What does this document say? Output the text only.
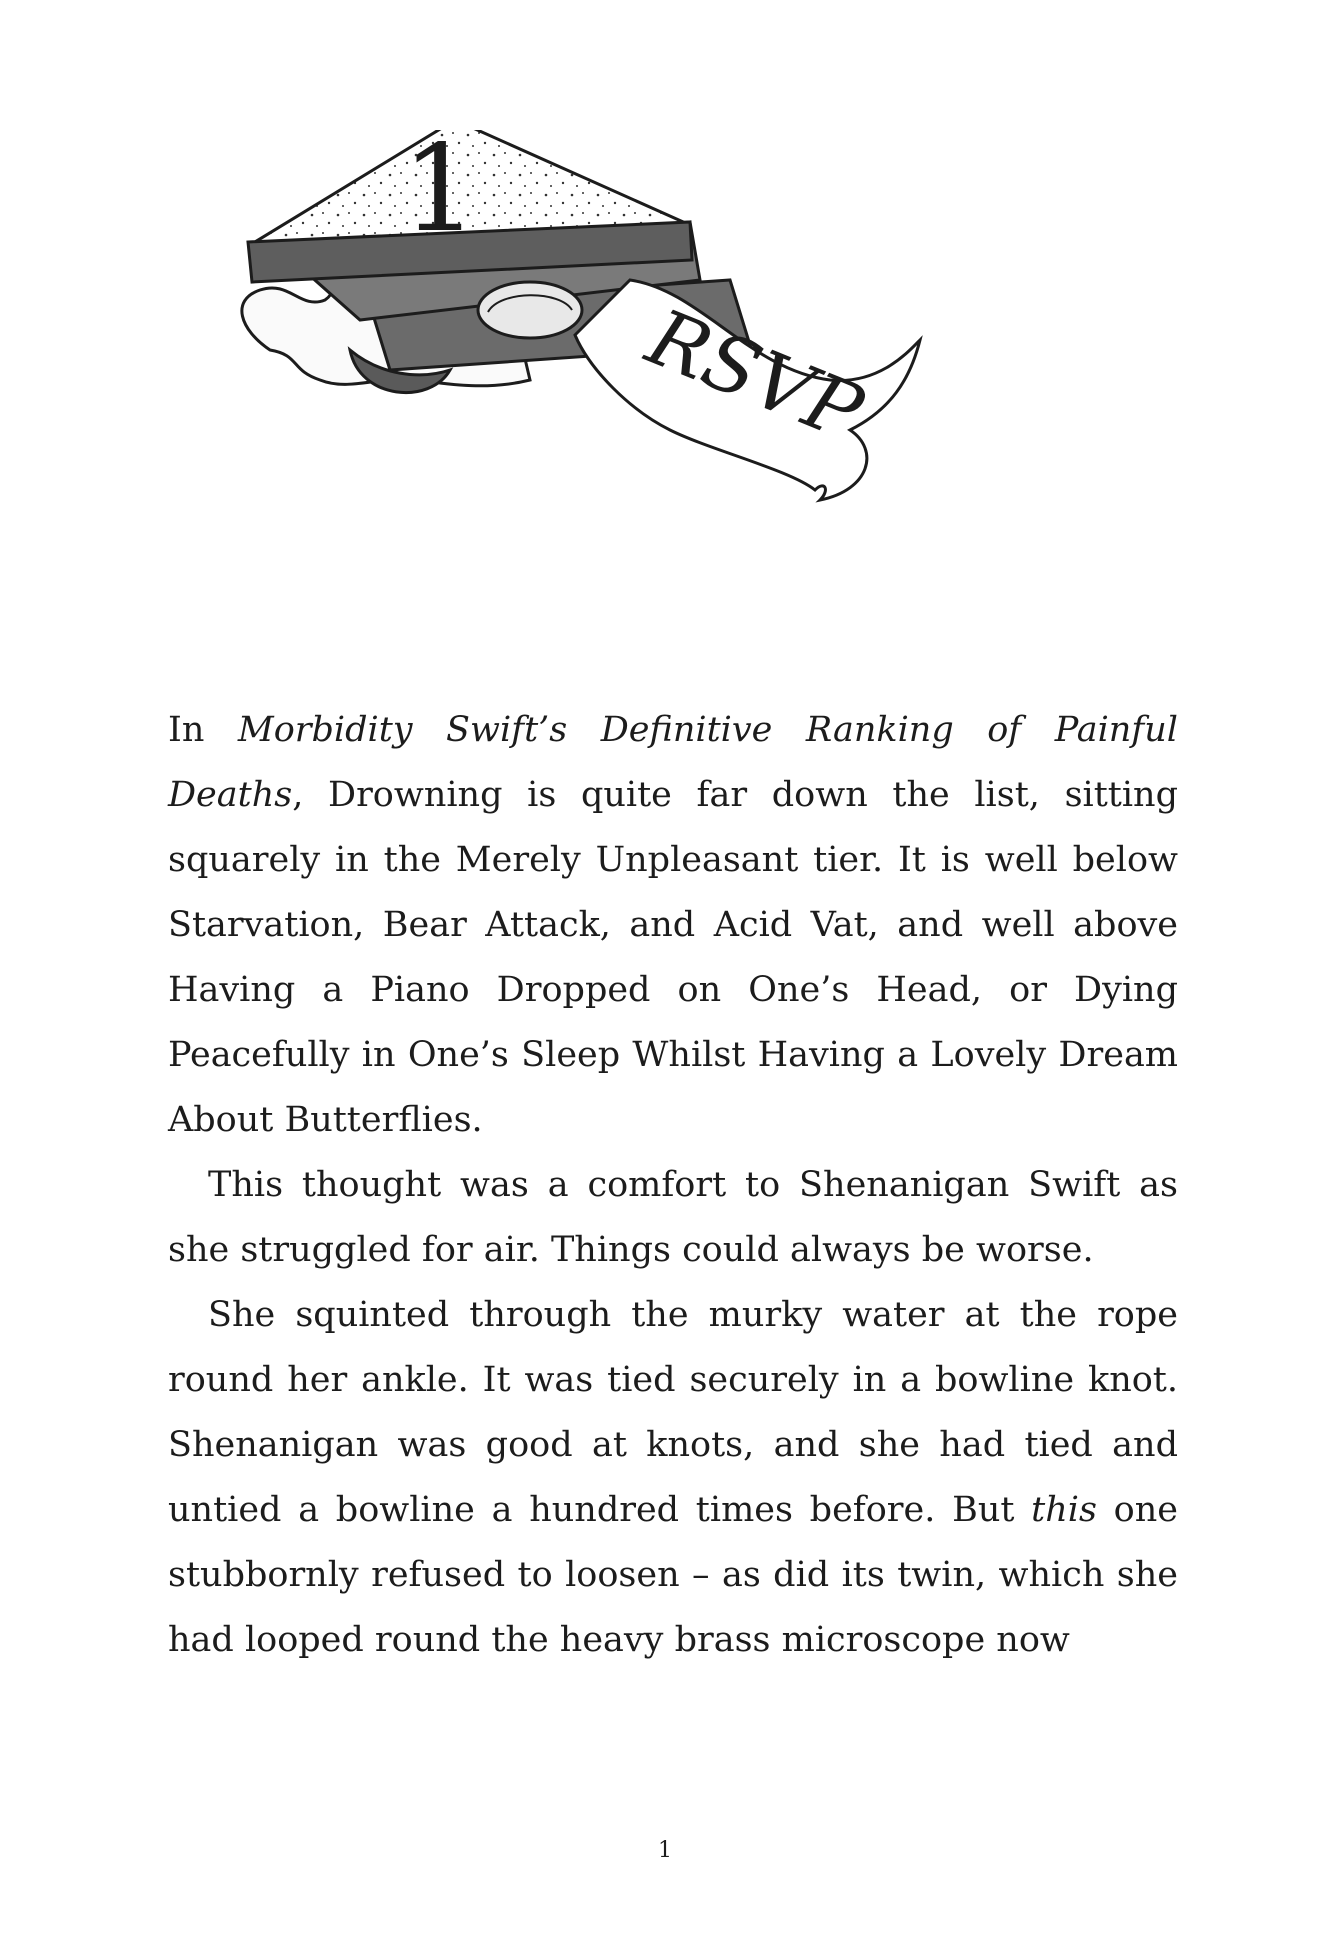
1
RSVP

In Morbidity Swift’s Definitive Ranking of Painful Deaths, Drowning is quite far down the list, sitting squarely in the Merely Unpleasant tier. It is well below Starvation, Bear Attack, and Acid Vat, and well above Having a Piano Dropped on One’s Head, or Dying Peacefully in One’s Sleep Whilst Having a Lovely Dream About Butterflies.

This thought was a comfort to Shenanigan Swift as she struggled for air. Things could always be worse.

She squinted through the murky water at the rope round her ankle. It was tied securely in a bowline knot. Shenanigan was good at knots, and she had tied and untied a bowline a hundred times before. But this one stubbornly refused to loosen – as did its twin, which she had looped round the heavy brass microscope now

1
